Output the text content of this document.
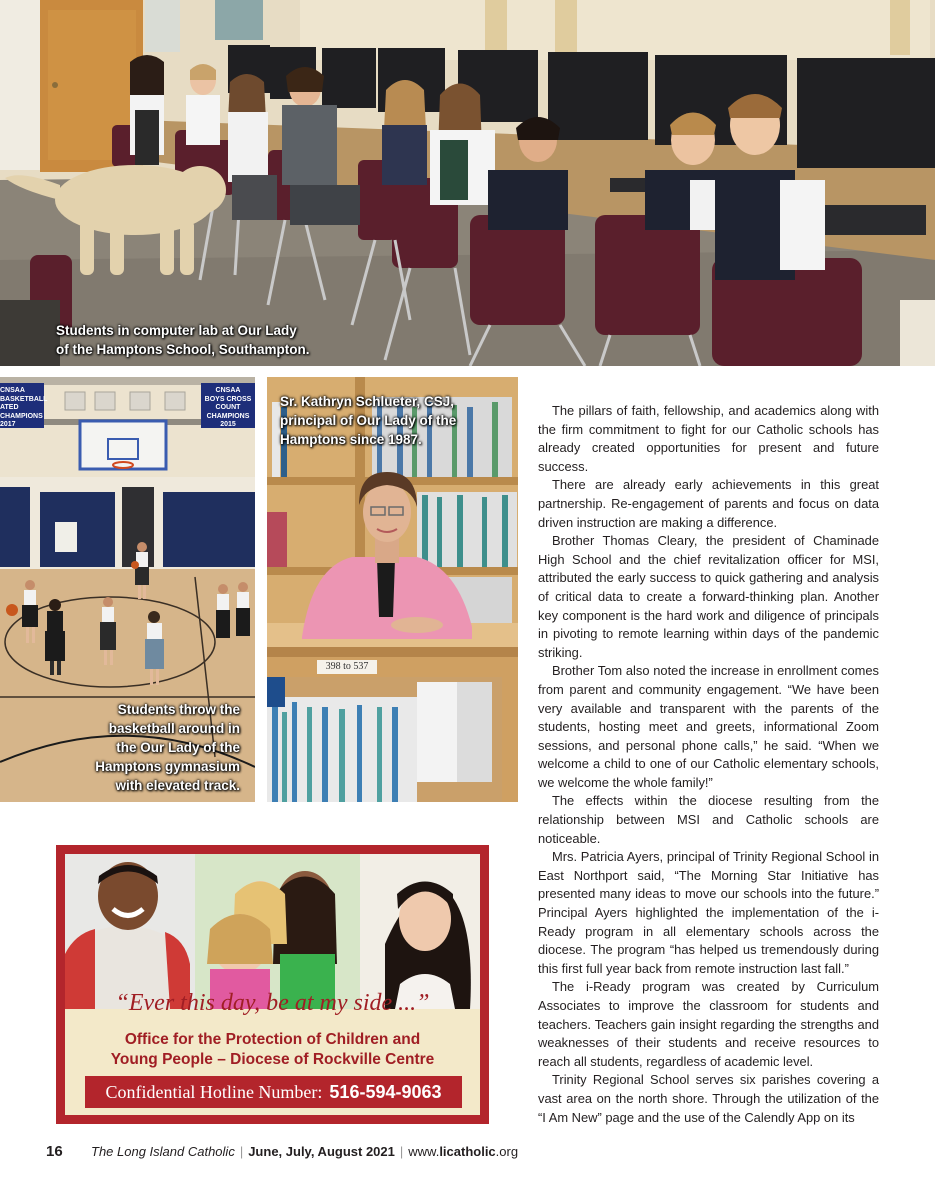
Students in computer lab at Our Lady
of the Hamptons School, Southampton.
CNSAA
BASKETBALL
ATED CHAMPIONS
2017
CNSAA
BOYS CROSS COUNT
CHAMPIONS
2015
Students throw the
basketball around in
the Our Lady of the
Hamptons gymnasium
with elevated track.
398 to 537
Sr. Kathryn Schlueter, CSJ,
principal of Our Lady of the
Hamptons since 1987.

The pillars of faith, fellowship, and academics along with the firm commitment to fight for our Catholic schools has already created opportunities for present and future success.

There are already early achievements in this great partnership. Re-engagement of parents and focus on data driven instruction are making a difference.

Brother Thomas Cleary, the president of Chaminade High School and the chief revitalization officer for MSI, attributed the early success to quick gathering and analysis of critical data to create a forward-thinking plan. Another key component is the hard work and diligence of principals in pivoting to remote learning within days of the pandemic striking.

Brother Tom also noted the increase in enrollment comes from parent and community engagement. “We have been very available and transparent with the parents of the students, hosting meet and greets, informational Zoom sessions, and personal phone calls,” he said. “When we welcome a child to one of our Catholic elementary schools, we welcome the whole family!”

The effects within the diocese resulting from the relationship between MSI and Catholic schools are noticeable.

Mrs. Patricia Ayers, principal of Trinity Regional School in East Northport said, “The Morning Star Initiative has presented many ideas to move our schools into the future.” Principal Ayers highlighted the implementation of the i-Ready program in all elementary schools across the diocese. The program “has helped us tremendously during this first full year back from remote instruction last fall.”

The i-Ready program was created by Curriculum Associates to improve the classroom for students and teachers. Teachers gain insight regarding the strengths and weaknesses of their students and receive resources to reach all students, regardless of academic level.

Trinity Regional School serves six parishes covering a vast area on the north shore. Through the utilization of the “I Am New” page and the use of the Calendly App on its

“Ever this day, be at my side ...”
Office for the Protection of Children and
Young People – Diocese of Rockville Centre
Confidential Hotline Number: 516-594-9063
16	The Long Island Catholic | June, July, August 2021 | www.licatholic.org
